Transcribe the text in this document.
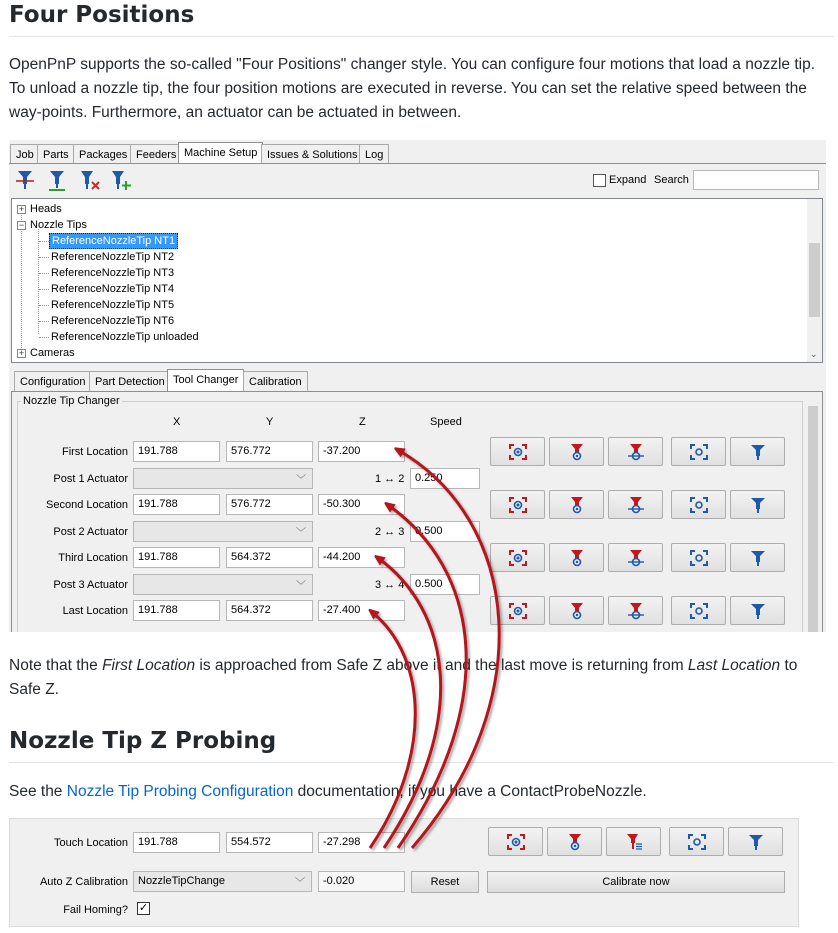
Four Positions
OpenPnP supports the so-called "Four Positions" changer style. You can configure four motions that load a nozzle tip. To unload a nozzle tip, the four position motions are executed in reverse. You can set the relative speed between the way-points. Furthermore, an actuator can be actuated in between.
Job Parts Packages Feeders Machine Setup Issues & Solutions Log
Expand Search
+ Heads
− Nozzle Tips
ReferenceNozzleTip NT1
ReferenceNozzleTip NT2
ReferenceNozzleTip NT3
ReferenceNozzleTip NT4
ReferenceNozzleTip NT5
ReferenceNozzleTip NT6
ReferenceNozzleTip unloaded
+ Cameras	⌄
Configuration Part Detection Tool Changer Calibration
Nozzle Tip Changer
X	Y	Z	Speed
First Location 191.788	576.772	-37.200
Post 1 Actuator	﹀	1 ↔ 2 0.250
Second Location 191.788	576.772	-50.300
Post 2 Actuator	﹀	2 ↔ 3 0.500
Third Location 191.788	564.372	-44.200
Post 3 Actuator	﹀	3 ↔ 4 0.500
Last Location 191.788	564.372	-27.400
Note that the First Location is approached from Safe Z above it and the last move is returning from Last Location to Safe Z.
Nozzle Tip Z Probing
See the Nozzle Tip Probing Configuration documentation, if you have a ContactProbeNozzle.
Touch Location 191.788	554.572	-27.298
Auto Z Calibration NozzleTipChange	﹀	-0.020	Reset	Calibrate now
Fail Homing? ✓
